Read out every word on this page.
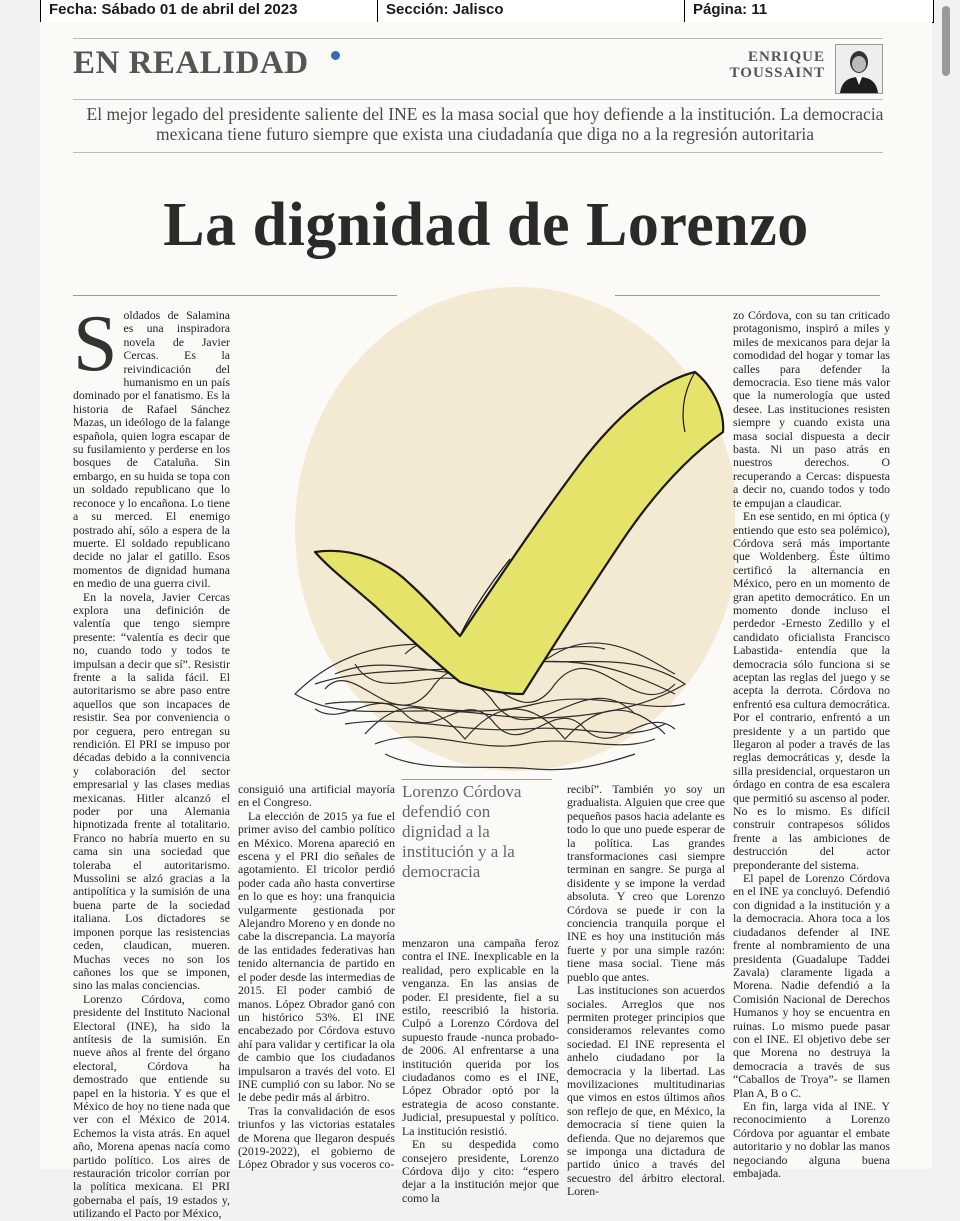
Fecha: Sábado 01 de abril del 2023	Sección: Jalisco	Página: 11
EN REALIDAD	ENRIQUE
TOUSSAINT
El mejor legado del presidente saliente del INE es la masa social que hoy defiende a la institución. La democracia mexicana tiene futuro siempre que exista una ciudadanía que diga no a la regresión autoritaria
La dignidad de Lorenzo
S oldados de Salamina es una inspiradora novela de Javier Cercas. Es la reivindicación del humanismo en un país dominado por el fanatismo. Es la historia de Rafael Sánchez Mazas, un ideólogo de la falange española, quien logra escapar de su fusilamiento y perderse en los bosques de Cataluña. Sin embargo, en su huida se topa con un soldado republicano que lo reconoce y lo encañona. Lo tiene a su merced. El enemigo postrado ahí, sólo a espera de la muerte. El soldado republicano decide no jalar el gatillo. Esos momentos de dignidad humana en medio de una guerra civil.

En la novela, Javier Cercas explora una definición de valentía que tengo siempre presente: “valentía es decir que no, cuando todo y todos te impulsan a decir que sí”. Resistir frente a la salida fácil. El autoritarismo se abre paso entre aquellos que son incapaces de resistir. Sea por conveniencia o por ceguera, pero entregan su rendición. El PRI se impuso por décadas debido a la connivencia y colaboración del sector empresarial y las clases medias mexicanas. Hitler alcanzó el poder por una Alemania hipnotizada frente al totalitario. Franco no habría muerto en su cama sin una sociedad que toleraba el autoritarismo. Mussolini se alzó gracias a la antipolítica y la sumisión de una buena parte de la sociedad italiana. Los dictadores se imponen porque las resistencias ceden, claudican, mueren. Muchas veces no son los cañones los que se imponen, sino las malas conciencias.

Lorenzo Córdova, como presidente del Instituto Nacional Electoral (INE), ha sido la antítesis de la sumisión. En nueve años al frente del órgano electoral, Córdova ha demostrado que entiende su papel en la historia. Y es que el México de hoy no tiene nada que ver con el México de 2014. Echemos la vista atrás. En aquel año, Morena apenas nacía como partido político. Los aires de restauración tricolor corrían por la política mexicana. El PRI gobernaba el país, 19 estados y, utilizando el Pacto por México,

consiguió una artificial mayoría en el Congreso.

La elección de 2015 ya fue el primer aviso del cambio político en México. Morena apareció en escena y el PRI dio señales de agotamiento. El tricolor perdió poder cada año hasta convertirse en lo que es hoy: una franquicia vulgarmente gestionada por Alejandro Moreno y en donde no cabe la discrepancia. La mayoría de las entidades federativas han tenido alternancia de partido en el poder desde las intermedias de 2015. El poder cambió de manos. López Obrador ganó con un histórico 53%. El INE encabezado por Córdova estuvo ahí para validar y certificar la ola de cambio que los ciudadanos impulsaron a través del voto. El INE cumplió con su labor. No se le debe pedir más al árbitro.

Tras la convalidación de esos triunfos y las victorias estatales de Morena que llegaron después (2019-2022), el gobierno de López Obrador y sus voceros co-

Lorenzo Córdova defendió con dignidad a la institución y a la democracia

menzaron una campaña feroz contra el INE. Inexplicable en la realidad, pero explicable en la venganza. En las ansias de poder. El presidente, fiel a su estilo, reescribió la historia. Culpó a Lorenzo Córdova del supuesto fraude -nunca probado- de 2006. Al enfrentarse a una institución querida por los ciudadanos como es el INE, López Obrador optó por la estrategia de acoso constante. Judicial, presupuestal y político. La institución resistió.

En su despedida como consejero presidente, Lorenzo Córdova dijo y cito: “espero dejar a la institución mejor que como la

recibí”. También yo soy un gradualista. Alguien que cree que pequeños pasos hacia adelante es todo lo que uno puede esperar de la política. Las grandes transformaciones casi siempre terminan en sangre. Se purga al disidente y se impone la verdad absoluta. Y creo que Lorenzo Córdova se puede ir con la conciencia tranquila porque el INE es hoy una institución más fuerte y por una simple razón: tiene masa social. Tiene más pueblo que antes.

Las instituciones son acuerdos sociales. Arreglos que nos permiten proteger principios que consideramos relevantes como sociedad. El INE representa el anhelo ciudadano por la democracia y la libertad. Las movilizaciones multitudinarias que vimos en estos últimos años son reflejo de que, en México, la democracia sí tiene quien la defienda. Que no dejaremos que se imponga una dictadura de partido único a través del secuestro del árbitro electoral. Loren-

zo Córdova, con su tan criticado protagonismo, inspiró a miles y miles de mexicanos para dejar la comodidad del hogar y tomar las calles para defender la democracia. Eso tiene más valor que la numerología que usted desee. Las instituciones resisten siempre y cuando exista una masa social dispuesta a decir basta. Ni un paso atrás en nuestros derechos. O recuperando a Cercas: dispuesta a decir no, cuando todos y todo te empujan a claudicar.

En ese sentido, en mi óptica (y entiendo que esto sea polémico), Córdova será más importante que Woldenberg. Éste último certificó la alternancia en México, pero en un momento de gran apetito democrático. En un momento donde incluso el perdedor -Ernesto Zedillo y el candidato oficialista Francisco Labastida- entendía que la democracia sólo funciona si se aceptan las reglas del juego y se acepta la derrota. Córdova no enfrentó esa cultura democrática. Por el contrario, enfrentó a un presidente y a un partido que llegaron al poder a través de las reglas democráticas y, desde la silla presidencial, orquestaron un órdago en contra de esa escalera que permitió su ascenso al poder. No es lo mismo. Es difícil construir contrapesos sólidos frente a las ambiciones de destrucción del actor preponderante del sistema.

El papel de Lorenzo Córdova en el INE ya concluyó. Defendió con dignidad a la institución y a la democracia. Ahora toca a los ciudadanos defender al INE frente al nombramiento de una presidenta (Guadalupe Taddei Zavala) claramente ligada a Morena. Nadie defendió a la Comisión Nacional de Derechos Humanos y hoy se encuentra en ruinas. Lo mismo puede pasar con el INE. El objetivo debe ser que Morena no destruya la democracia a través de sus “Caballos de Troya”- se llamen Plan A, B o C.

En fin, larga vida al INE. Y reconocimiento a Lorenzo Córdova por aguantar el embate autoritario y no doblar las manos negociando alguna buena embajada.
